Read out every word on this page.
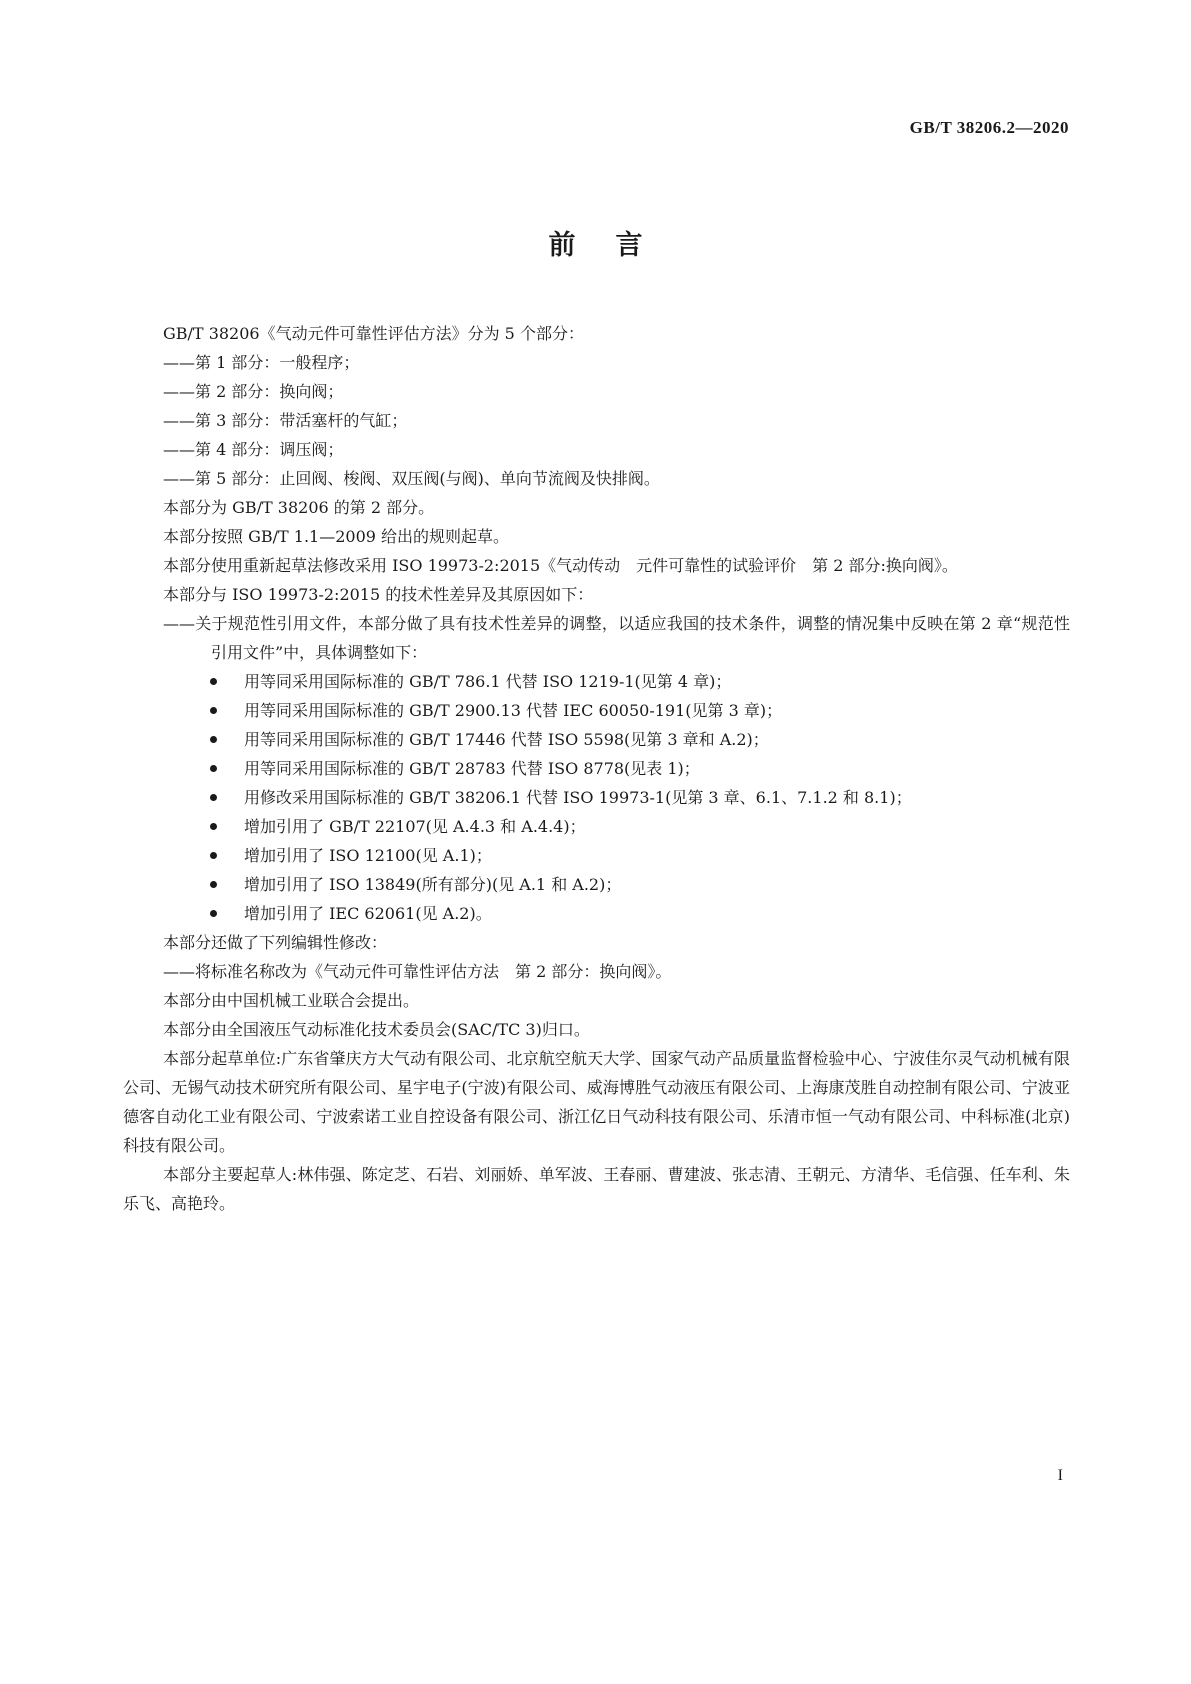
GB/T 38206.2—2020
前言

GB/T 38206《气动元件可靠性评估方法》分为 5 个部分：

——第 1 部分：一般程序；

——第 2 部分：换向阀；

——第 3 部分：带活塞杆的气缸；

——第 4 部分：调压阀；

——第 5 部分：止回阀、梭阀、双压阀(与阀)、单向节流阀及快排阀。

本部分为 GB/T 38206 的第 2 部分。

本部分按照 GB/T 1.1—2009 给出的规则起草。

本部分使用重新起草法修改采用 ISO 19973-2:2015《气动传动　元件可靠性的试验评价　第 2 部分:换向阀》。

本部分与 ISO 19973-2:2015 的技术性差异及其原因如下：

——关于规范性引用文件，本部分做了具有技术性差异的调整，以适应我国的技术条件，调整的情况集中反映在第 2 章“规范性引用文件”中，具体调整如下：

用等同采用国际标准的 GB/T 786.1 代替 ISO 1219-1(见第 4 章)；

用等同采用国际标准的 GB/T 2900.13 代替 IEC 60050-191(见第 3 章)；

用等同采用国际标准的 GB/T 17446 代替 ISO 5598(见第 3 章和 A.2)；

用等同采用国际标准的 GB/T 28783 代替 ISO 8778(见表 1)；

用修改采用国际标准的 GB/T 38206.1 代替 ISO 19973-1(见第 3 章、6.1、7.1.2 和 8.1)；

增加引用了 GB/T 22107(见 A.4.3 和 A.4.4)；

增加引用了 ISO 12100(见 A.1)；

增加引用了 ISO 13849(所有部分)(见 A.1 和 A.2)；

增加引用了 IEC 62061(见 A.2)。

本部分还做了下列编辑性修改：

——将标准名称改为《气动元件可靠性评估方法　第 2 部分：换向阀》。

本部分由中国机械工业联合会提出。

本部分由全国液压气动标准化技术委员会(SAC/TC 3)归口。

本部分起草单位:广东省肇庆方大气动有限公司、北京航空航天大学、国家气动产品质量监督检验中心、宁波佳尔灵气动机械有限公司、无锡气动技术研究所有限公司、星宇电子(宁波)有限公司、威海博胜气动液压有限公司、上海康茂胜自动控制有限公司、宁波亚德客自动化工业有限公司、宁波索诺工业自控设备有限公司、浙江亿日气动科技有限公司、乐清市恒一气动有限公司、中科标准(北京)科技有限公司。

本部分主要起草人:林伟强、陈定芝、石岩、刘丽娇、单军波、王春丽、曹建波、张志清、王朝元、方清华、毛信强、任车利、朱乐飞、高艳玲。

I
